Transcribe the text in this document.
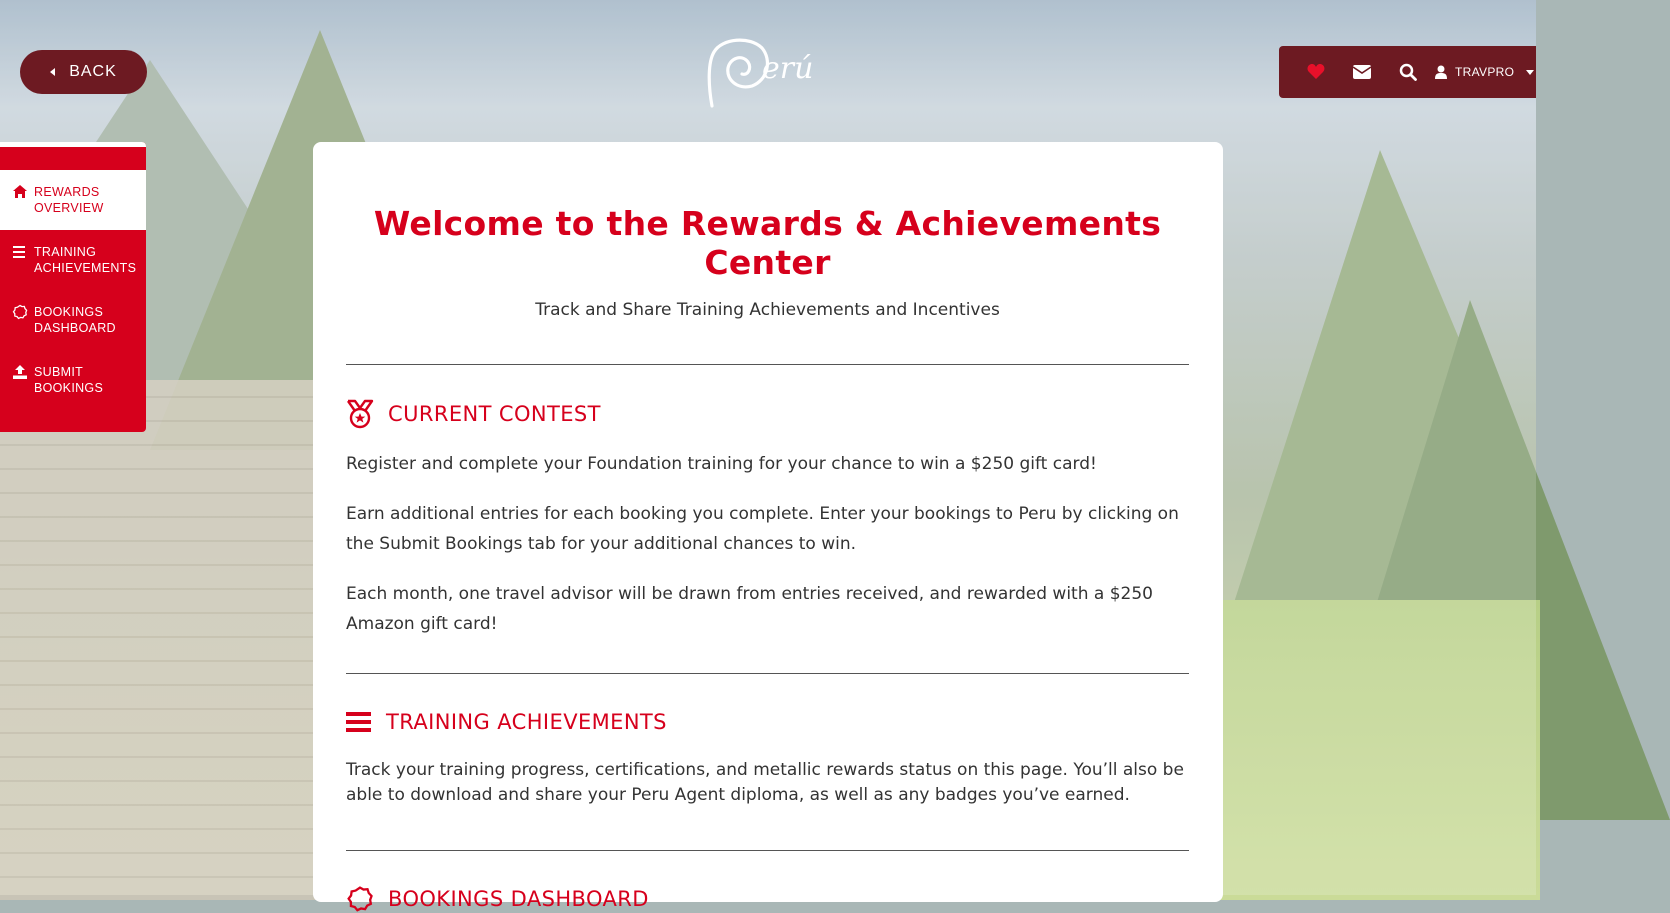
BACK	erú	TRAVPRO
REWARDS
OVERVIEW
TRAINING
ACHIEVEMENTS
BOOKINGS
DASHBOARD
SUBMIT
BOOKINGS
Welcome to the Rewards & Achievements Center
Track and Share Training Achievements and Incentives
CURRENT CONTEST

Register and complete your Foundation training for your chance to win a $250 gift card!

Earn additional entries for each booking you complete. Enter your bookings to Peru by clicking on the Submit Bookings tab for your additional chances to win.

Each month, one travel advisor will be drawn from entries received, and rewarded with a $250 Amazon gift card!

TRAINING ACHIEVEMENTS

Track your training progress, certifications, and metallic rewards status on this page. You’ll also be able to download and share your Peru Agent diploma, as well as any badges you’ve earned.

BOOKINGS DASHBOARD
